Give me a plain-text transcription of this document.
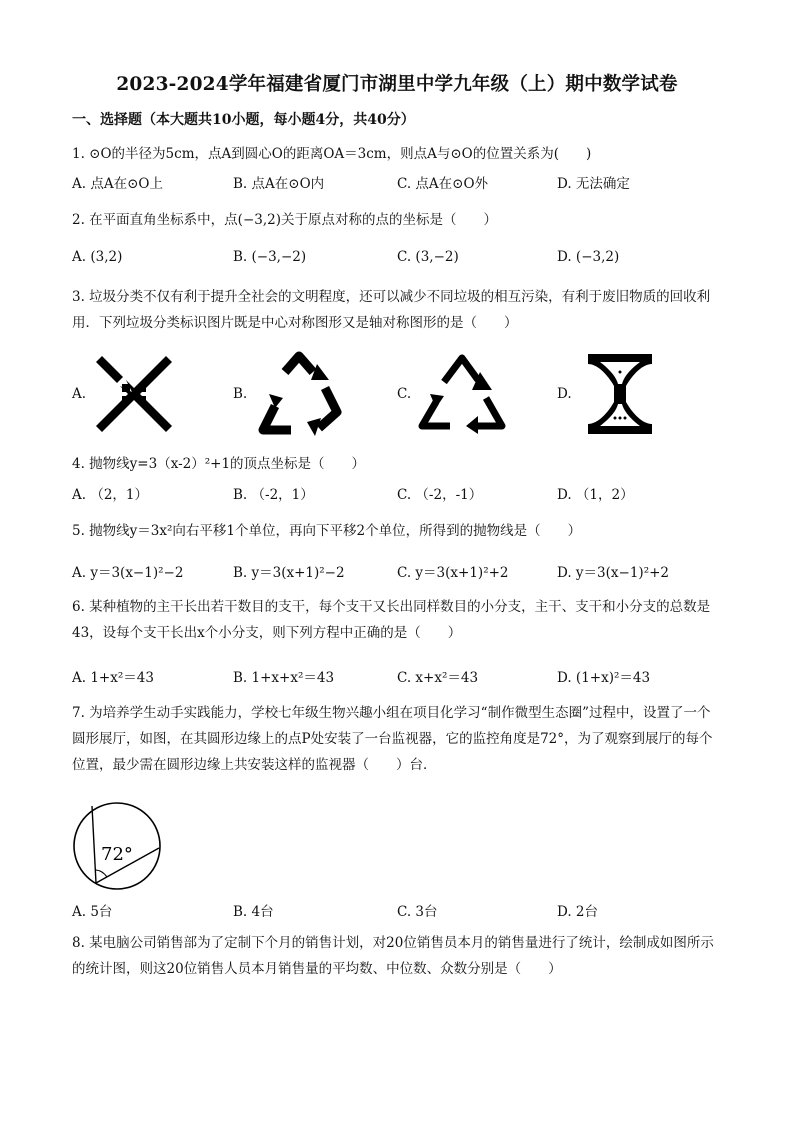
2023-2024学年福建省厦门市湖里中学九年级（上）期中数学试卷
一、选择题（本大题共10小题，每小题4分，共40分）
1. ⊙O的半径为5cm，点A到圆心O的距离OA＝3cm，则点A与⊙O的位置关系为(　　)
A. 点A在⊙O上	B. 点A在⊙O内	C. 点A在⊙O外	D. 无法确定
2. 在平面直角坐标系中，点(−3,2)关于原点对称的点的坐标是（　　）
A. (3,2)	B. (−3,−2)	C. (3,−2)	D. (−3,2)
3. 垃圾分类不仅有利于提升全社会的文明程度，还可以减少不同垃圾的相互污染，有利于废旧物质的回收利用．下列垃圾分类标识图片既是中心对称图形又是轴对称图形的是（　　）
A.	B.	C.	D.
4. 抛物线y=3（x-2）²+1的顶点坐标是（　　）
A. （2，1）	B. （-2，1）	C. （-2，-1）	D. （1，2）
5. 抛物线y＝3x²向右平移1个单位，再向下平移2个单位，所得到的抛物线是（　　）
A. y＝3(x−1)²−2	B. y＝3(x+1)²−2	C. y＝3(x+1)²+2	D. y＝3(x−1)²+2
6. 某种植物的主干长出若干数目的支干，每个支干又长出同样数目的小分支，主干、支干和小分支的总数是43，设每个支干长出x个小分支，则下列方程中正确的是（　　）
A. 1+x²＝43	B. 1+x+x²＝43	C. x+x²＝43	D. (1+x)²＝43
7. 为培养学生动手实践能力，学校七年级生物兴趣小组在项目化学习“制作微型生态圈”过程中，设置了一个圆形展厅，如图，在其圆形边缘上的点P处安装了一台监视器，它的监控角度是72°，为了观察到展厅的每个位置，最少需在圆形边缘上共安装这样的监视器（　　）台．
72°
A. 5台	B. 4台	C. 3台	D. 2台
8. 某电脑公司销售部为了定制下个月的销售计划，对20位销售员本月的销售量进行了统计，绘制成如图所示的统计图，则这20位销售人员本月销售量的平均数、中位数、众数分别是（　　）
